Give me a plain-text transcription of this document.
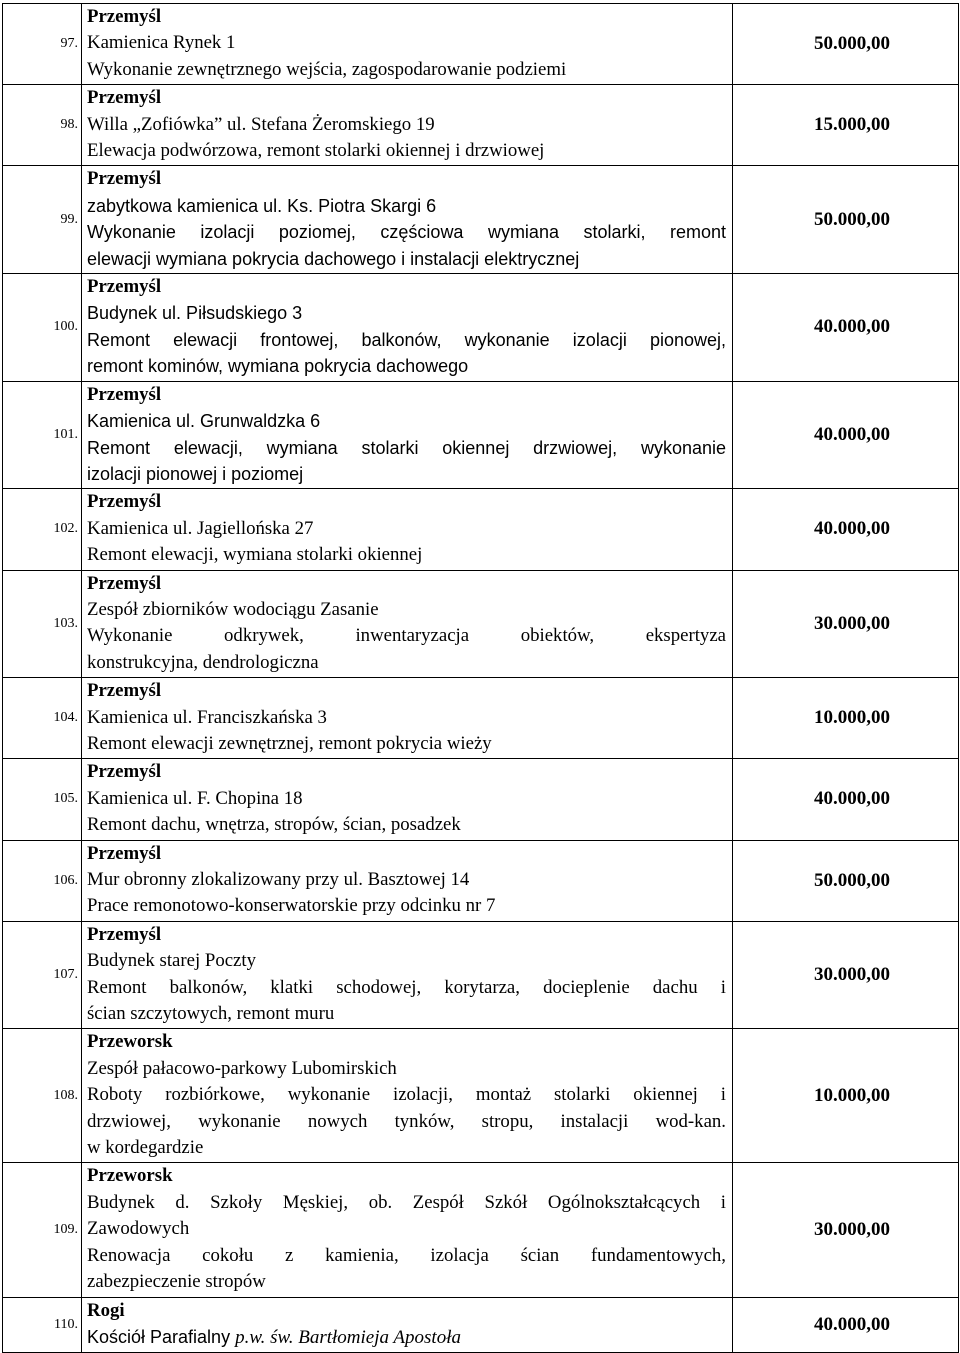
97.	Przemyśl
Kamienica Rynek 1
Wykonanie zewnętrznego wejścia, zagospodarowanie podziemi	50.000,00
98.	Przemyśl
Willa „Zofiówka” ul. Stefana Żeromskiego 19
Elewacja podwórzowa, remont stolarki okiennej i drzwiowej	15.000,00
99.	Przemyśl
zabytkowa kamienica ul. Ks. Piotra Skargi 6
Wykonanie izolacji poziomej, częściowa wymiana stolarki, remont
elewacji wymiana pokrycia dachowego i instalacji elektrycznej	50.000,00
100.	Przemyśl
Budynek ul. Piłsudskiego 3
Remont elewacji frontowej, balkonów, wykonanie izolacji pionowej,
remont kominów, wymiana pokrycia dachowego	40.000,00
101.	Przemyśl
Kamienica ul. Grunwaldzka 6
Remont elewacji, wymiana stolarki okiennej drzwiowej, wykonanie
izolacji pionowej i poziomej	40.000,00
102.	Przemyśl
Kamienica ul. Jagiellońska 27
Remont elewacji, wymiana stolarki okiennej	40.000,00
103.	Przemyśl
Zespół zbiorników wodociągu Zasanie
Wykonanie odkrywek, inwentaryzacja obiektów, ekspertyza
konstrukcyjna, dendrologiczna	30.000,00
104.	Przemyśl
Kamienica ul. Franciszkańska 3
Remont elewacji zewnętrznej, remont pokrycia wieży	10.000,00
105.	Przemyśl
Kamienica ul. F. Chopina 18
Remont dachu, wnętrza, stropów, ścian, posadzek	40.000,00
106.	Przemyśl
Mur obronny zlokalizowany przy ul. Basztowej 14
Prace remonotowo-konserwatorskie przy odcinku nr 7	50.000,00
107.	Przemyśl
Budynek starej Poczty
Remont balkonów, klatki schodowej, korytarza, docieplenie dachu i
ścian szczytowych, remont muru	30.000,00
108.	Przeworsk
Zespół pałacowo-parkowy Lubomirskich
Roboty rozbiórkowe, wykonanie izolacji, montaż stolarki okiennej i
drzwiowej, wykonanie nowych tynków, stropu, instalacji wod-kan.
w kordegardzie	10.000,00
109.	Przeworsk
Budynek d. Szkoły Męskiej, ob. Zespół Szkół Ogólnokształcących i
Zawodowych
Renowacja cokołu z kamienia, izolacja ścian fundamentowych,
zabezpieczenie stropów	30.000,00
110.	Rogi
Kościół Parafialny p.w. św. Bartłomieja Apostoła	40.000,00
